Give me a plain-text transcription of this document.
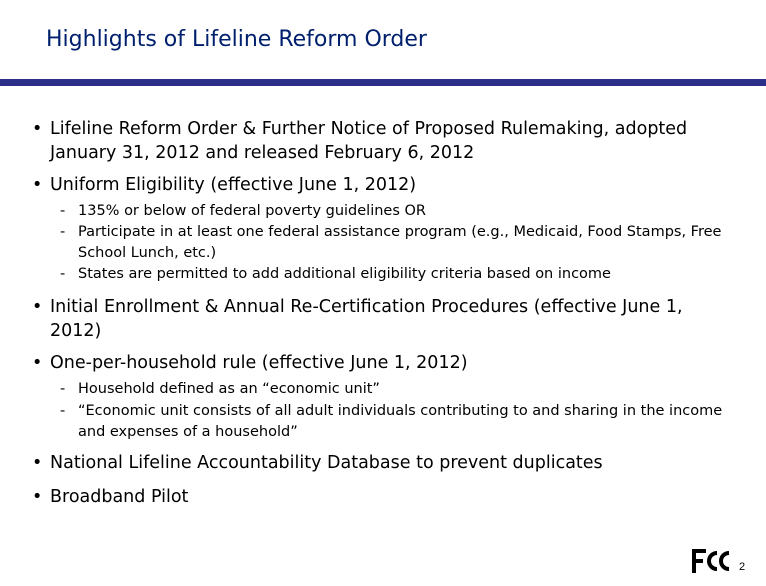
Highlights of Lifeline Reform Order
• Lifeline Reform Order & Further Notice of Proposed Rulemaking, adopted January 31, 2012 and released February 6, 2012
• Uniform Eligibility (effective June 1, 2012)
- 135% or below of federal poverty guidelines OR
- Participate in at least one federal assistance program (e.g., Medicaid, Food Stamps, Free School Lunch, etc.)
- States are permitted to add additional eligibility criteria based on income
• Initial Enrollment & Annual Re-Certification Procedures (effective June 1, 2012)
• One-per-household rule (effective June 1, 2012)
- Household defined as an “economic unit”
- “Economic unit consists of all adult individuals contributing to and sharing in the income and expenses of a household”
• National Lifeline Accountability Database to prevent duplicates
• Broadband Pilot
2
